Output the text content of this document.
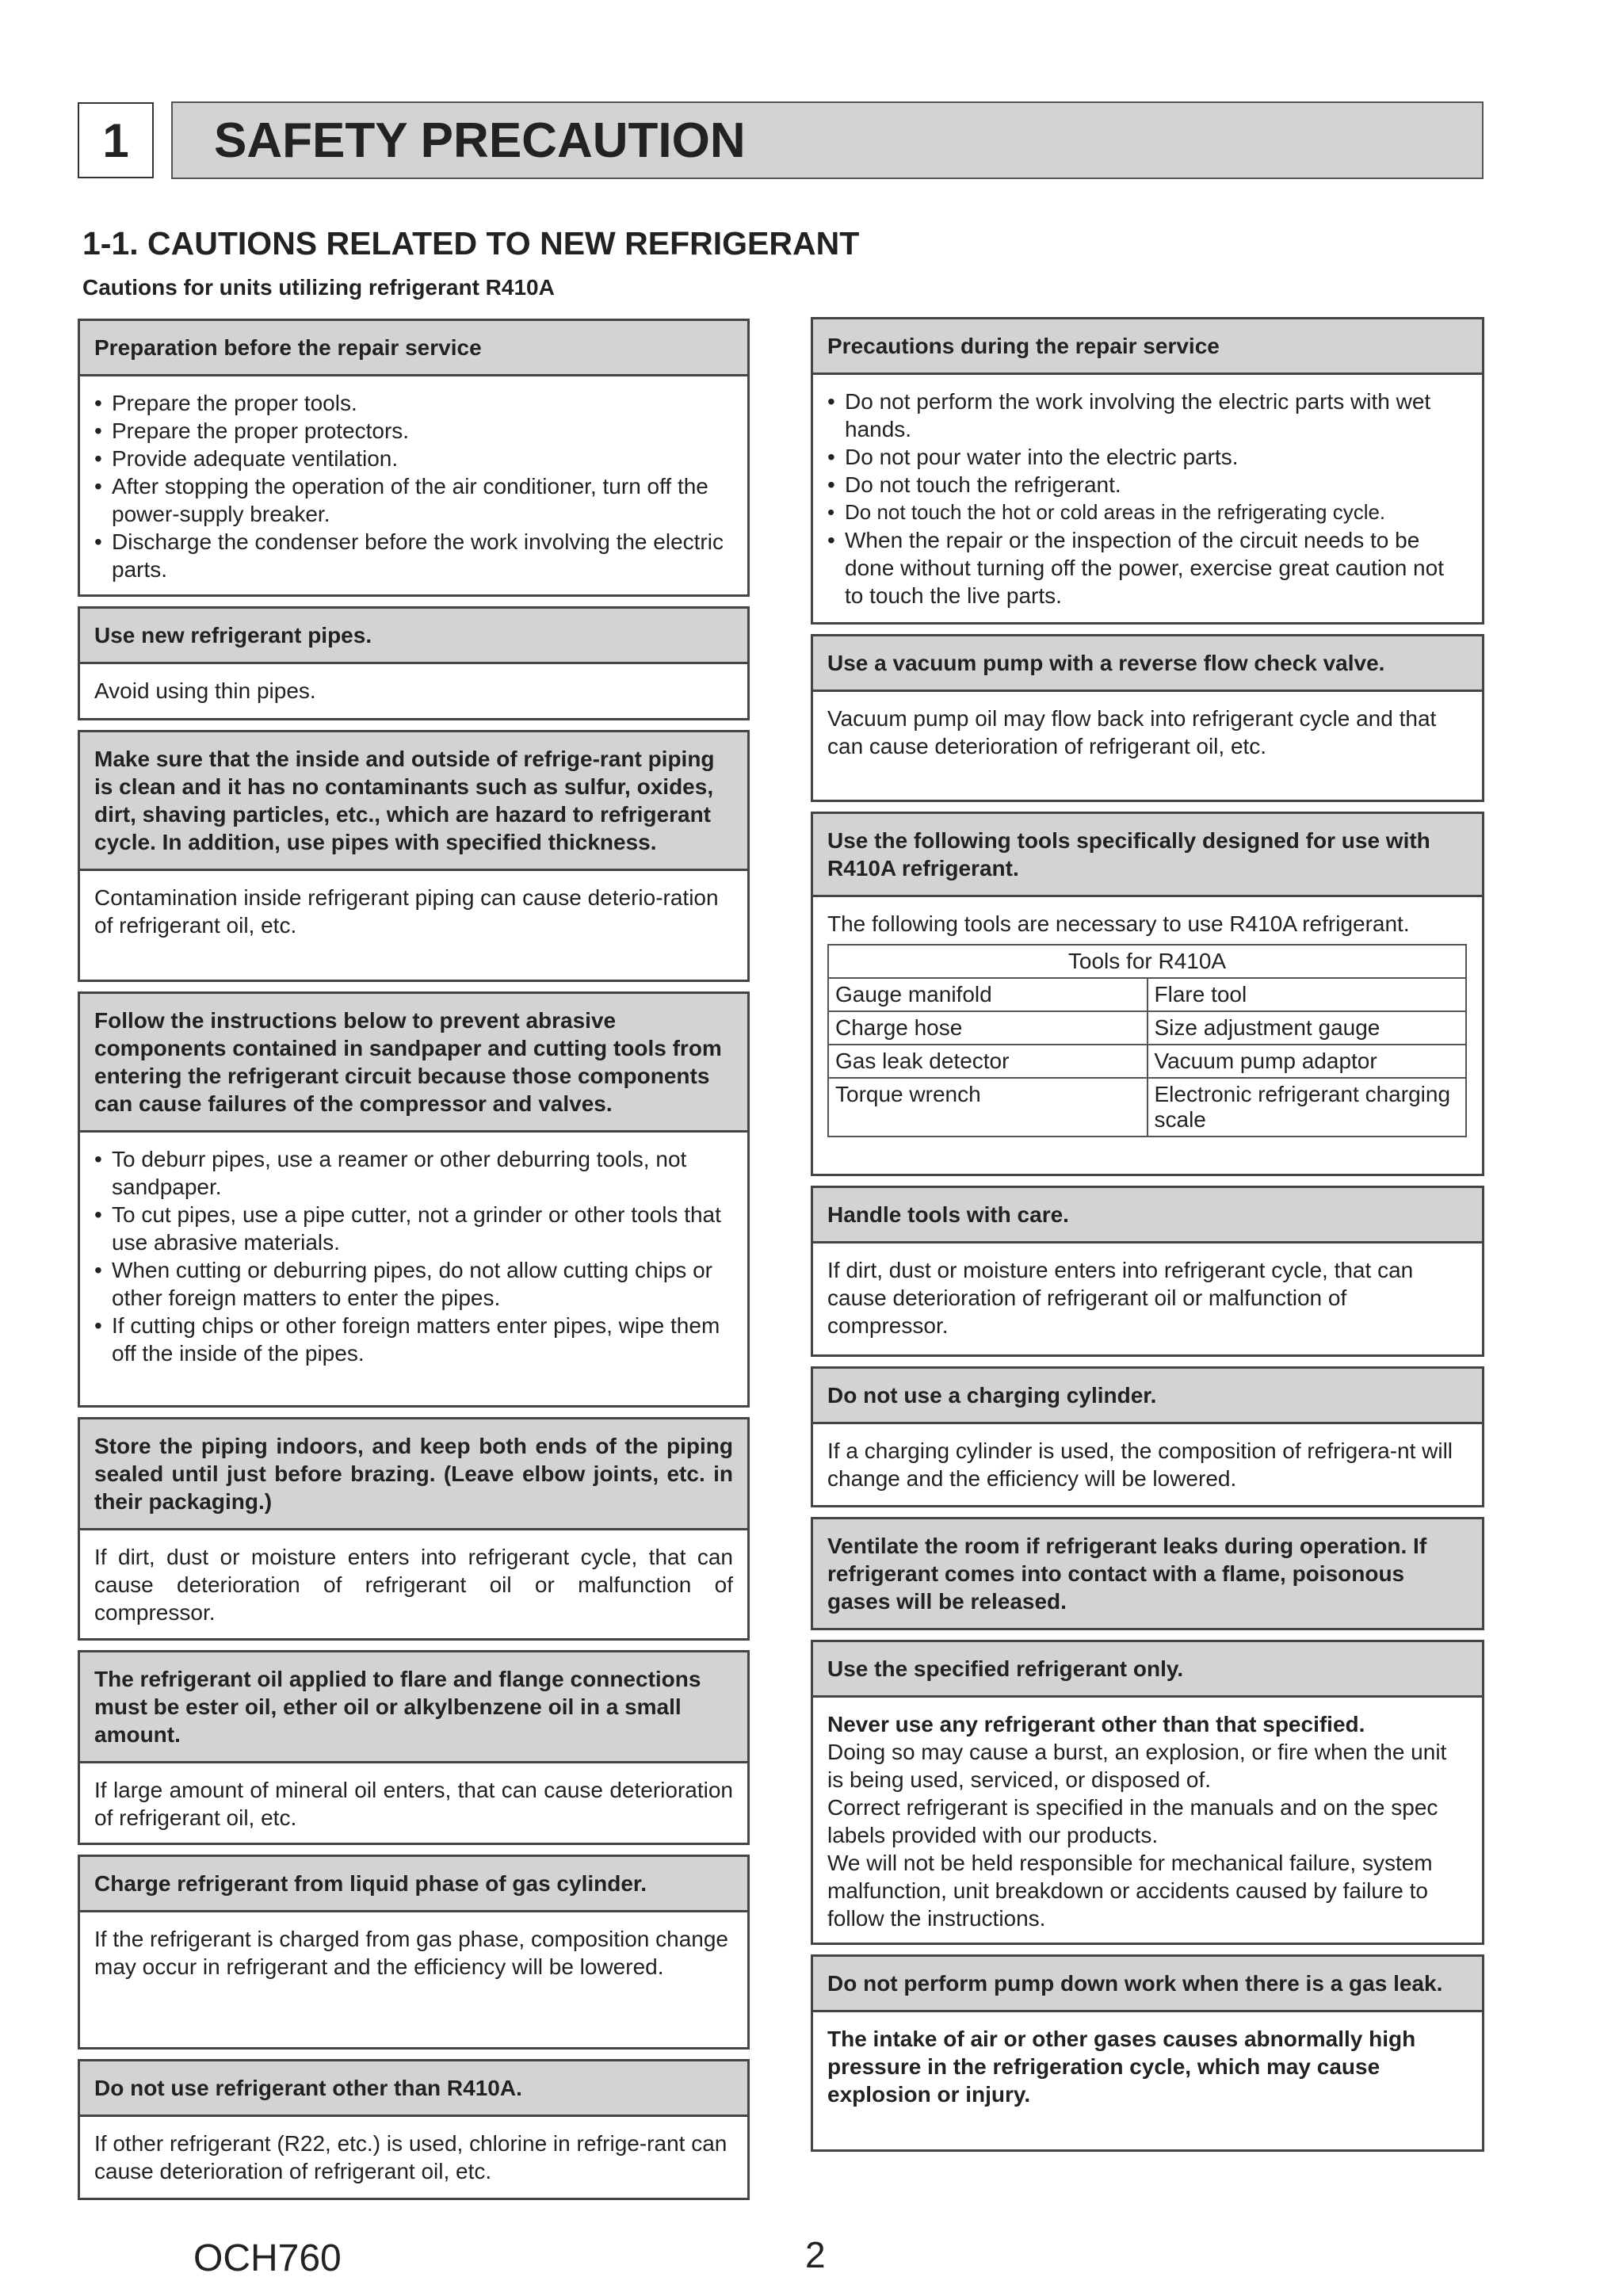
1	SAFETY PRECAUTION
1-1. CAUTIONS RELATED TO NEW REFRIGERANT
Cautions for units utilizing refrigerant R410A
Preparation before the repair service
• Prepare the proper tools.
• Prepare the proper protectors.
• Provide adequate ventilation.
• After stopping the operation of the air conditioner, turn off the power-supply breaker.
• Discharge the condenser before the work involving the electric parts.
Use new refrigerant pipes.
Avoid using thin pipes.
Make sure that the inside and outside of refrige-rant piping is clean and it has no contaminants such as sulfur, oxides, dirt, shaving particles, etc., which are hazard to refrigerant cycle. In addition, use pipes with specified thickness.
Contamination inside refrigerant piping can cause deterio-ration of refrigerant oil, etc.
Follow the instructions below to prevent abrasive components contained in sandpaper and cutting tools from entering the refrigerant circuit because those components can cause failures of the compressor and valves.
• To deburr pipes, use a reamer or other deburring tools, not sandpaper.
• To cut pipes, use a pipe cutter, not a grinder or other tools that use abrasive materials.
• When cutting or deburring pipes, do not allow cutting chips or other foreign matters to enter the pipes.
• If cutting chips or other foreign matters enter pipes, wipe them off the inside of the pipes.
Store the piping indoors, and keep both ends of the piping sealed until just before brazing. (Leave elbow joints, etc. in their packaging.)
If dirt, dust or moisture enters into refrigerant cycle, that can cause deterioration of refrigerant oil or malfunction of compressor.
The refrigerant oil applied to flare and flange connections must be ester oil, ether oil or alkylbenzene oil in a small amount.
If large amount of mineral oil enters, that can cause deterioration of refrigerant oil, etc.
Charge refrigerant from liquid phase of gas cylinder.
If the refrigerant is charged from gas phase, composition change may occur in refrigerant and the efficiency will be lowered.
Do not use refrigerant other than R410A.
If other refrigerant (R22, etc.) is used, chlorine in refrige-rant can cause deterioration of refrigerant oil, etc.
Precautions during the repair service
• Do not perform the work involving the electric parts with wet hands.
• Do not pour water into the electric parts.
• Do not touch the refrigerant.
• Do not touch the hot or cold areas in the refrigerating cycle.
• When the repair or the inspection of the circuit needs to be done without turning off the power, exercise great caution not to touch the live parts.
Use a vacuum pump with a reverse flow check valve.
Vacuum pump oil may flow back into refrigerant cycle and that can cause deterioration of refrigerant oil, etc.
Use the following tools specifically designed for use with R410A refrigerant.
The following tools are necessary to use R410A refrigerant.
Tools for R410A	
Gauge manifold	Flare tool
Charge hose	Size adjustment gauge
Gas leak detector	Vacuum pump adaptor
Torque wrench	Electronic refrigerant charging scale
Handle tools with care.
If dirt, dust or moisture enters into refrigerant cycle, that can cause deterioration of refrigerant oil or malfunction of compressor.
Do not use a charging cylinder.
If a charging cylinder is used, the composition of refrigera-nt will change and the efficiency will be lowered.
Ventilate the room if refrigerant leaks during operation. If refrigerant comes into contact with a flame, poisonous gases will be released.
Use the specified refrigerant only.
Never use any refrigerant other than that specified.
Doing so may cause a burst, an explosion, or fire when the unit is being used, serviced, or disposed of.
Correct refrigerant is specified in the manuals and on the spec labels provided with our products.
We will not be held responsible for mechanical failure, system malfunction, unit breakdown or accidents caused by failure to follow the instructions.
Do not perform pump down work when there is a gas leak.
The intake of air or other gases causes abnormally high pressure in the refrigeration cycle, which may cause explosion or injury.
OCH760	2
